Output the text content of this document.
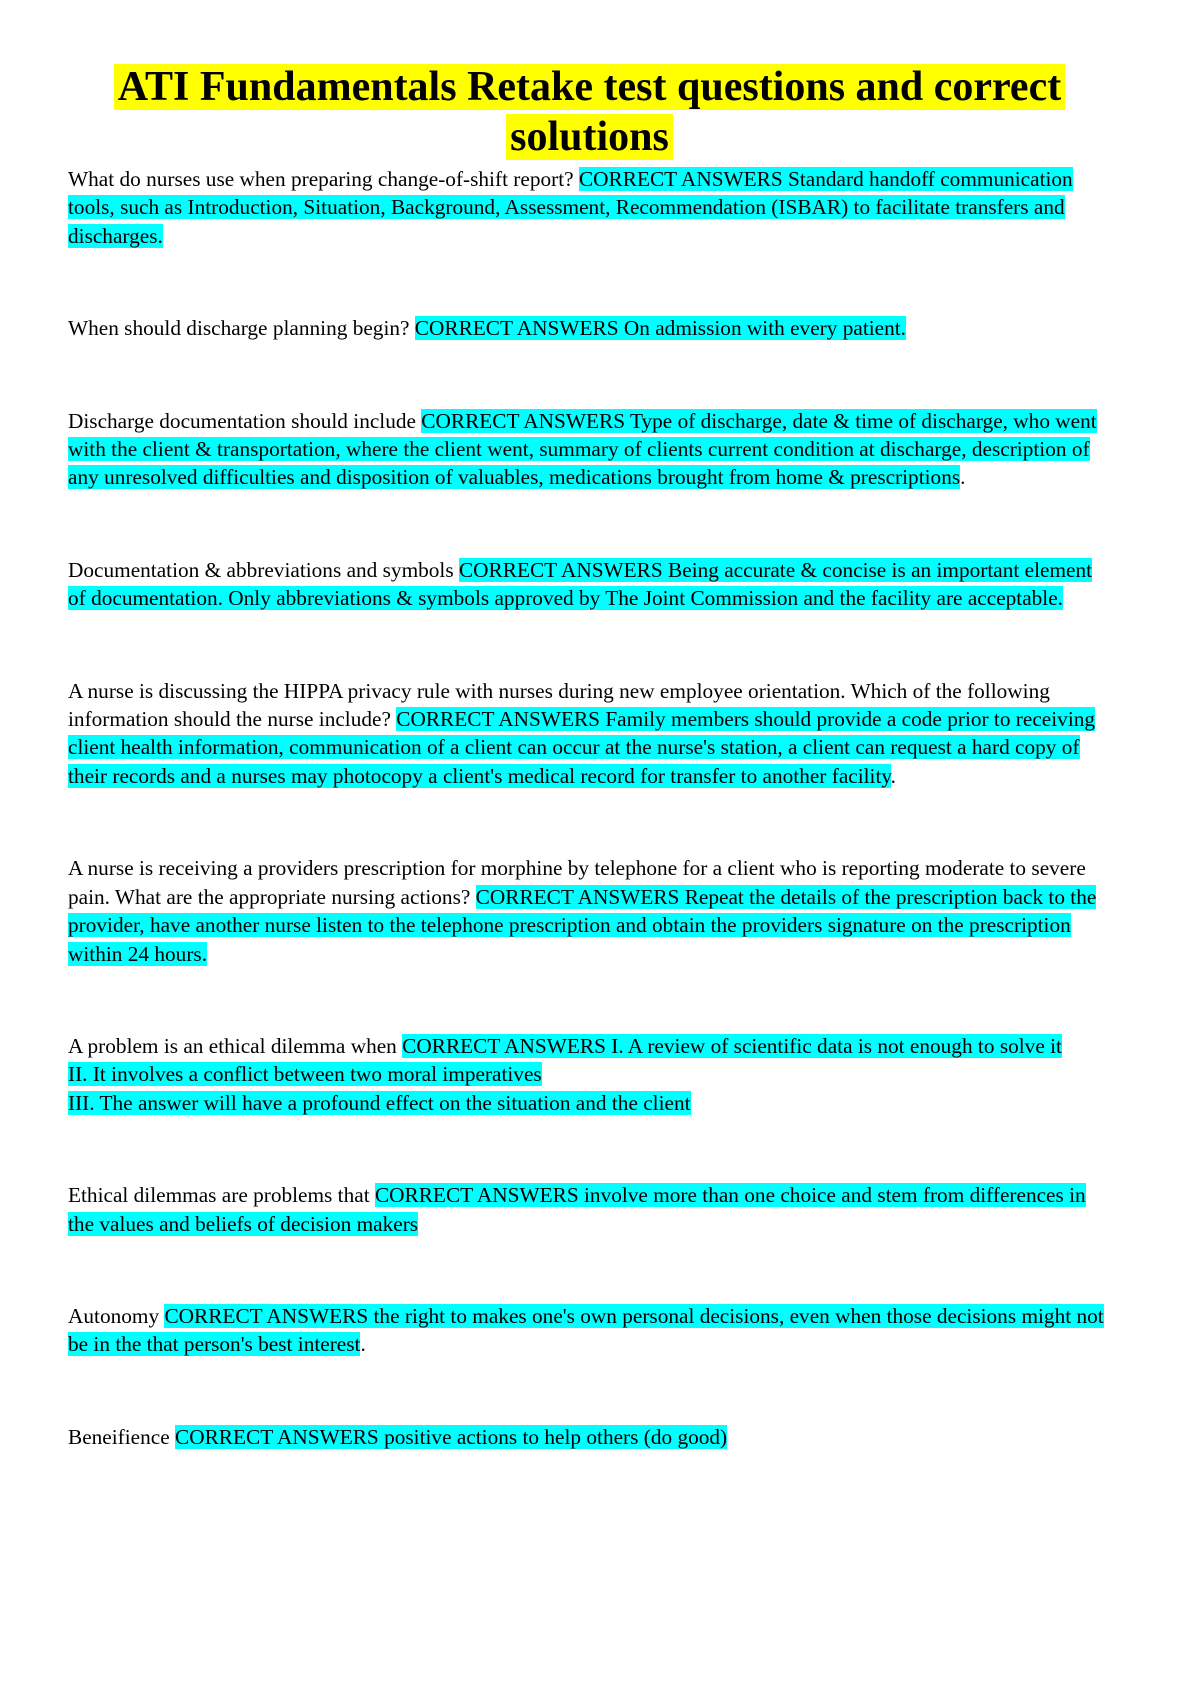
ATI Fundamentals Retake test questions and correct solutions

What do nurses use when preparing change-of-shift report? CORRECT ANSWERS Standard handoff communication tools, such as Introduction, Situation, Background, Assessment, Recommendation (ISBAR) to facilitate transfers and discharges.

When should discharge planning begin? CORRECT ANSWERS On admission with every patient.

Discharge documentation should include CORRECT ANSWERS Type of discharge, date & time of discharge, who went with the client & transportation, where the client went, summary of clients current condition at discharge, description of any unresolved difficulties and disposition of valuables, medications brought from home & prescriptions.

Documentation & abbreviations and symbols CORRECT ANSWERS Being accurate & concise is an important element of documentation. Only abbreviations & symbols approved by The Joint Commission and the facility are acceptable.

A nurse is discussing the HIPPA privacy rule with nurses during new employee orientation. Which of the following information should the nurse include? CORRECT ANSWERS Family members should provide a code prior to receiving client health information, communication of a client can occur at the nurse's station, a client can request a hard copy of their records and a nurses may photocopy a client's medical record for transfer to another facility.

A nurse is receiving a providers prescription for morphine by telephone for a client who is reporting moderate to severe pain. What are the appropriate nursing actions? CORRECT ANSWERS Repeat the details of the prescription back to the provider, have another nurse listen to the telephone prescription and obtain the providers signature on the prescription within 24 hours.

A problem is an ethical dilemma when CORRECT ANSWERS I. A review of scientific data is not enough to solve it
II. It involves a conflict between two moral imperatives
III. The answer will have a profound effect on the situation and the client

Ethical dilemmas are problems that CORRECT ANSWERS involve more than one choice and stem from differences in the values and beliefs of decision makers

Autonomy CORRECT ANSWERS the right to makes one's own personal decisions, even when those decisions might not be in the that person's best interest.

Beneifience CORRECT ANSWERS positive actions to help others (do good)
